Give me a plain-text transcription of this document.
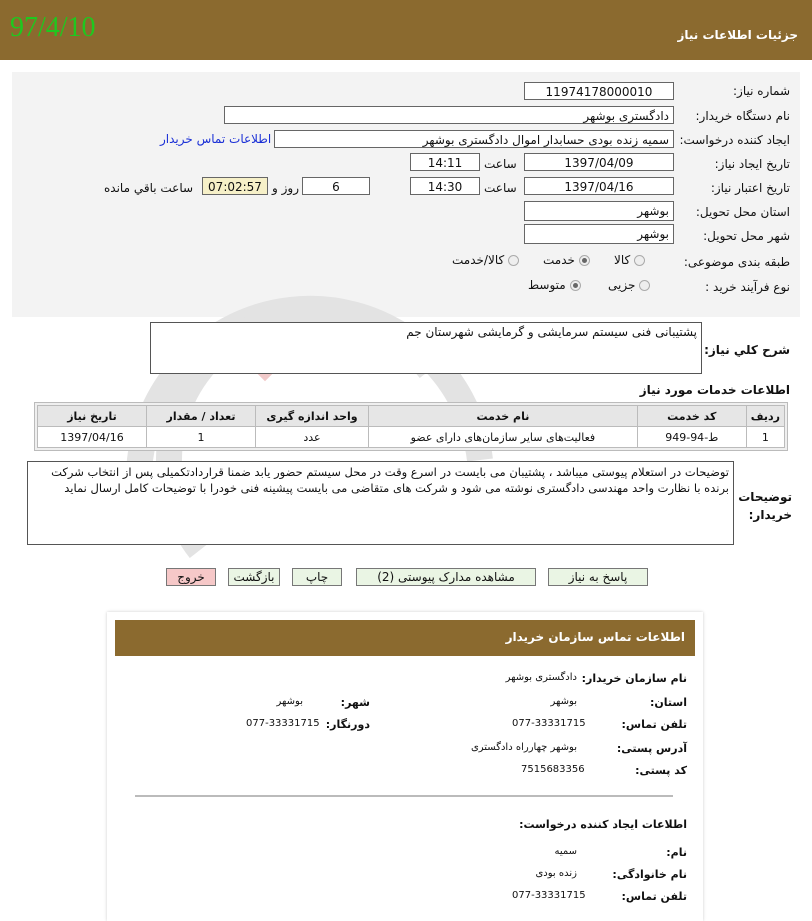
97/4/10	جزئیات اطلاعات نیاز
شماره نیاز:
11974178000010
نام دستگاه خریدار:
دادگستری بوشهر
ایجاد کننده درخواست:
سمیه زنده بودی حسابدار اموال دادگستری بوشهر
اطلاعات تماس خریدار
تاریخ ایجاد نیاز:
1397/04/09
ساعت
14:11
تاریخ اعتبار نیاز:
1397/04/16
ساعت
14:30
6
روز و
07:02:57
ساعت باقي مانده
استان محل تحویل:
بوشهر
شهر محل تحویل:
بوشهر
طبقه بندی موضوعی:
کالا
خدمت
کالا/خدمت
نوع فرآیند خرید :
جزیی
متوسط
شرح کلي نياز:
پشتیبانی فنی سیستم سرمایشی و گرمایشی شهرستان جم
اطلاعات خدمات مورد نیاز
ردیف	کد خدمت	نام خدمت	واحد اندازه گیری	تعداد / مقدار	تاریخ نیاز
1	ط-94-949	فعالیت‌های سایر سازمان‌های دارای عضو	عدد	1	1397/04/16
توضیحات خریدار:
توضیحات در استعلام پیوستی میباشد ، پشتیبان می بایست در اسرع وقت در محل سیستم حضور یابد ضمنا قراردادتکمیلی پس از انتخاب شرکت برنده با نظارت واحد مهندسی دادگستری نوشته می شود و شرکت های متقاضی می بایست پیشینه فنی خودرا با توضیحات کامل ارسال نماید
پاسخ به نیاز
مشاهده مدارک پیوستی (2)
چاپ
بازگشت
خروج
اطلاعات تماس سازمان خریدار
نام سازمان خریدار:
دادگستری بوشهر
استان:
بوشهر
شهر:
بوشهر
تلفن تماس:
077-33331715
دورنگار:
077-33331715
آدرس پستی:
بوشهر چهارراه دادگستری
کد پستی:
7515683356
اطلاعات ایجاد کننده درخواست:
نام:
سمیه
نام خانوادگی:
زنده بودی
تلفن تماس:
077-33331715
